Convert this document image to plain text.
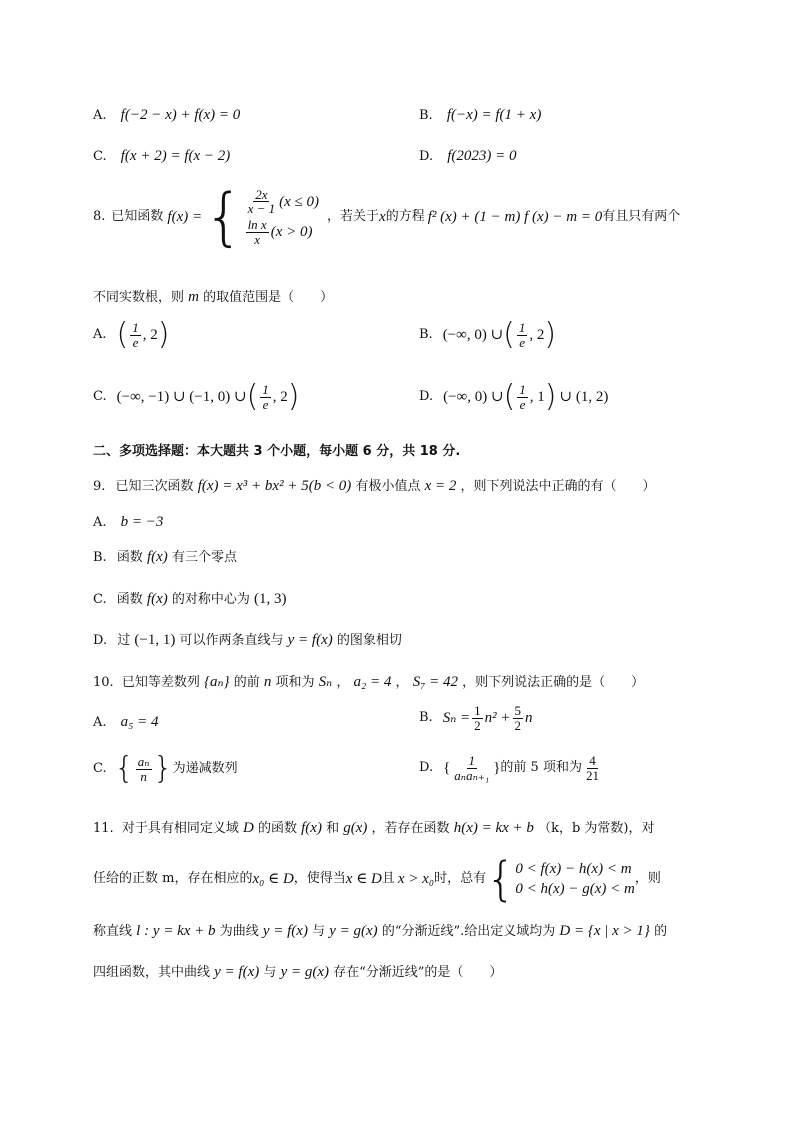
A. f(−2 − x) + f(x) = 0	B. f(−x) = f(1 + x)
C. f(x + 2) = f(x − 2)	D. f(2023) = 0
8. 已知函数 f(x) = { $\frac{2x}{x - 1} (x \le 0)$
$\frac{\text{ln x}}{x} (x > 0)$
，若关于 x 的方程 f² (x) + (1 − m) f (x) − m = 0 有且只有两个
不同实数根，则 m 的取值范围是（　　）
A. ( $\frac{1}{e}$ , 2 )	B. (−∞, 0) ∪ ( $\frac{1}{e}$ , 2 )
C. (−∞, −1) ∪ (−1, 0) ∪ ( $\frac{1}{e}$ , 2 )	D. (−∞, 0) ∪ ( $\frac{1}{e}$ , 1 ) ∪ (1, 2)
二、多项选择题：本大题共 3 个小题，每小题 6 分，共 18 分.
9. 已知三次函数 f(x) = x³ + bx² + 5(b < 0) 有极小值点 x = 2 ，则下列说法中正确的有（　　）
A. b = −3
B. 函数 f(x) 有三个零点
C. 函数 f(x) 的对称中心为 (1, 3)
D. 过 (−1, 1) 可以作两条直线与 y = f(x) 的图象相切
10. 已知等差数列 {aₙ} 的前 n 项和为 Sₙ ， a₂ = 4 ， S₇ = 42 ，则下列说法正确的是（　　）
A. a₅ = 4	B. $S_n = \frac{1}{2} n^2 + \frac{5}{2}$ n
C. { $\frac{\text{aₙ}}{n}$ } 为递减数列	D. { $\frac{1}{\text{aₙaₙ₊₁}}$ } 的前 5 项和为 $\frac{4}{21}$
11. 对于具有相同定义域 D 的函数 f(x) 和 g(x) ，若存在函数 h(x) = kx + b （k，b 为常数)，对
任给的正数 m，存在相应的 x₀ ∈ D ，使得当 x ∈ D 且 x > x₀ 时，总有 { 0 < f(x) − h(x) < m
0 < h(x) − g(x) < m
，则
称直线 l : y = kx + b 为曲线 y = f(x) 与 y = g(x) 的“分渐近线”.给出定义域均为 D = {x | x > 1} 的
四组函数，其中曲线 y = f(x) 与 y = g(x) 存在“分渐近线”的是（　　）
